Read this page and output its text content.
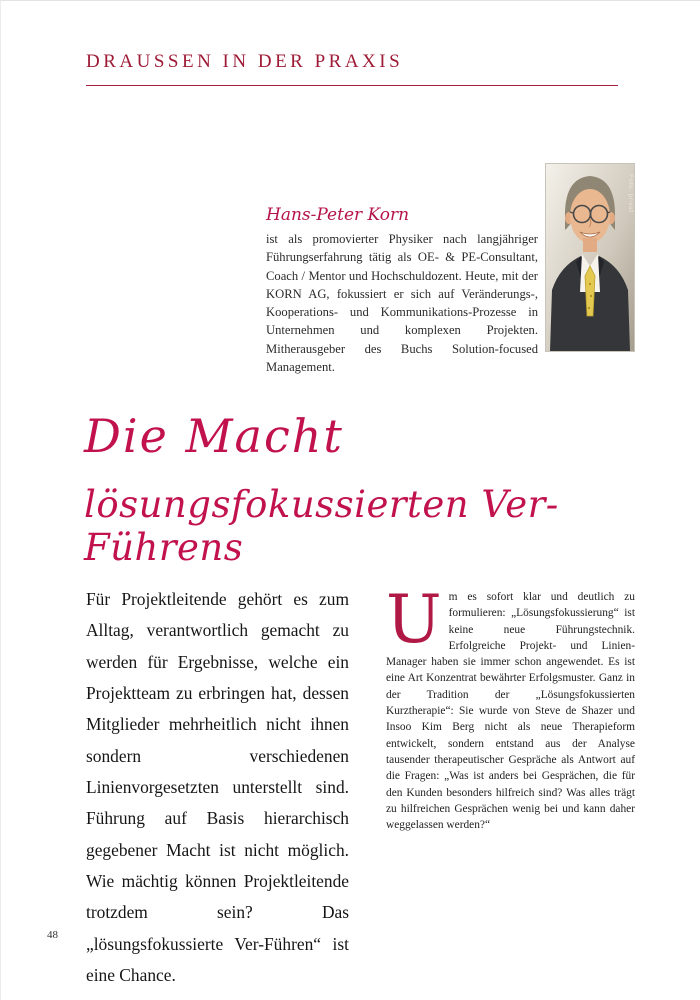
DRAUSSEN IN DER PRAXIS
Hans-Peter Korn
ist als promovierter Physiker nach langjähriger Führungserfahrung tätig als OE- & PE-Consultant, Coach / Mentor und Hochschuldozent. Heute, mit der KORN AG, fokussiert er sich auf Veränderungs-, Kooperations- und Kommunikations-Prozesse in Unternehmen und komplexen Projekten. Mitherausgeber des Buchs Solution-focused Management.
Foto: privat
Die Macht
lösungsfokussierten Ver-Führens

Für Projektleitende gehört es zum Alltag, verantwortlich gemacht zu werden für Ergebnisse, welche ein Projektteam zu erbringen hat, dessen Mitglieder mehrheitlich nicht ihnen sondern verschiedenen Linienvorgesetzten unterstellt sind. Führung auf Basis hierarchisch gegebener Macht ist nicht möglich. Wie mächtig können Projektleitende trotzdem sein? Das „lösungsfokussierte Ver-Führen“ ist eine Chance.

Um es sofort klar und deutlich zu formulieren: „Lösungsfokussierung“ ist keine neue Führungstechnik. Erfolgreiche Projekt- und Linien-Manager haben sie immer schon angewendet. Es ist eine Art Konzentrat bewährter Erfolgsmuster. Ganz in der Tradition der „Lösungsfokussierten Kurztherapie“: Sie wurde von Steve de Shazer und Insoo Kim Berg nicht als neue Therapieform entwickelt, sondern entstand aus der Analyse tausender therapeutischer Gespräche als Antwort auf die Fragen: „Was ist anders bei Gesprächen, die für den Kunden besonders hilfreich sind? Was alles trägt zu hilfreichen Gesprächen wenig bei und kann daher weggelassen werden?“

48
